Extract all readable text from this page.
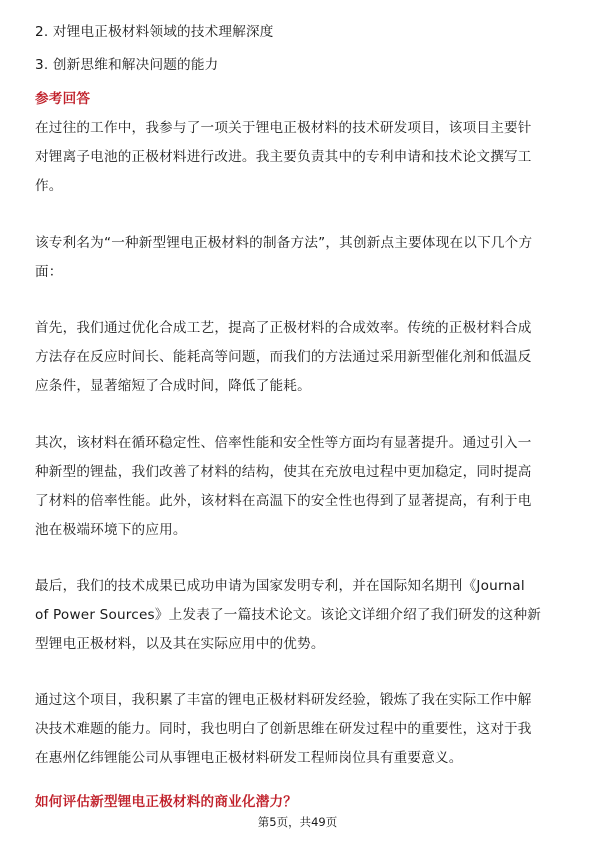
2. 对锂电正极材料领域的技术理解深度
3. 创新思维和解决问题的能力
参考回答
在过往的工作中，我参与了一项关于锂电正极材料的技术研发项目，该项目主要针
对锂离子电池的正极材料进行改进。我主要负责其中的专利申请和技术论文撰写工
作。
该专利名为“一种新型锂电正极材料的制备方法”，其创新点主要体现在以下几个方
面：
首先，我们通过优化合成工艺，提高了正极材料的合成效率。传统的正极材料合成
方法存在反应时间长、能耗高等问题，而我们的方法通过采用新型催化剂和低温反
应条件，显著缩短了合成时间，降低了能耗。
其次，该材料在循环稳定性、倍率性能和安全性等方面均有显著提升。通过引入一
种新型的锂盐，我们改善了材料的结构，使其在充放电过程中更加稳定，同时提高
了材料的倍率性能。此外，该材料在高温下的安全性也得到了显著提高，有利于电
池在极端环境下的应用。
最后，我们的技术成果已成功申请为国家发明专利，并在国际知名期刊《Journal
of Power Sources》上发表了一篇技术论文。该论文详细介绍了我们研发的这种新
型锂电正极材料，以及其在实际应用中的优势。
通过这个项目，我积累了丰富的锂电正极材料研发经验，锻炼了我在实际工作中解
决技术难题的能力。同时，我也明白了创新思维在研发过程中的重要性，这对于我
在惠州亿纬锂能公司从事锂电正极材料研发工程师岗位具有重要意义。
如何评估新型锂电正极材料的商业化潜力？
第5页，共49页
